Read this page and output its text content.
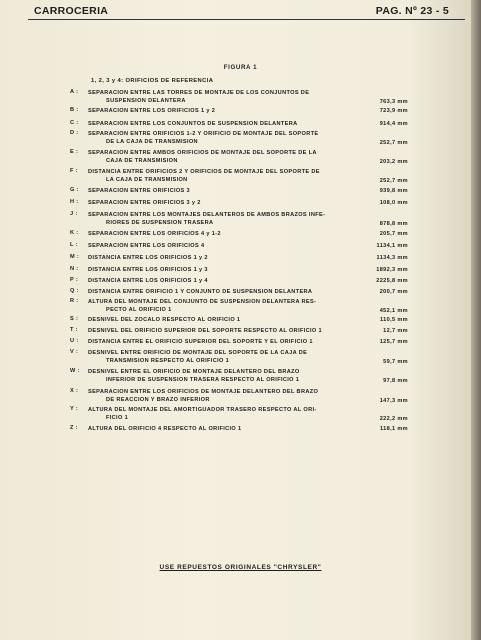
CARROCERIA	PAG. Nº 23 - 5
FIGURA 1
1, 2, 3 y 4: ORIFICIOS DE REFERENCIA
A :	SEPARACION ENTRE LAS TORRES DE MONTAJE DE LOS CONJUNTOS DE
SUSPENSION DELANTERA	763,3 mm
B :	SEPARACION ENTRE LOS ORIFICIOS 1 y 2	723,9 mm
C :	SEPARACION ENTRE LOS CONJUNTOS DE SUSPENSION DELANTERA	914,4 mm
D :	SEPARACION ENTRE ORIFICIOS 1-2 Y ORIFICIO DE MONTAJE DEL SOPORTE
DE LA CAJA DE TRANSMISION	252,7 mm
E :	SEPARACION ENTRE AMBOS ORIFICIOS DE MONTAJE DEL SOPORTE DE LA
CAJA DE TRANSMISION	203,2 mm
F :	DISTANCIA ENTRE ORIFICIOS 2 Y ORIFICIOS DE MONTAJE DEL SOPORTE DE
LA CAJA DE TRANSMISION	252,7 mm
G :	SEPARACION ENTRE ORIFICIOS 3	939,8 mm
H :	SEPARACION ENTRE ORIFICIOS 3 y 2	108,0 mm
J :	SEPARACION ENTRE LOS MONTAJES DELANTEROS DE AMBOS BRAZOS INFE-
RIORES DE SUSPENSION TRASERA	878,8 mm
K :	SEPARACION ENTRE LOS ORIFICIOS 4 y 1-2	205,7 mm
L :	SEPARACION ENTRE LOS ORIFICIOS 4	1134,1 mm
M :	DISTANCIA ENTRE LOS ORIFICIOS 1 y 2	1134,3 mm
N :	DISTANCIA ENTRE LOS ORIFICIOS 1 y 3	1892,3 mm
P :	DISTANCIA ENTRE LOS ORIFICIOS 1 y 4	2225,8 mm
Q :	DISTANCIA ENTRE ORIFICIO 1 Y CONJUNTO DE SUSPENSION DELANTERA	200,7 mm
R :	ALTURA DEL MONTAJE DEL CONJUNTO DE SUSPENSION DELANTERA RES-
PECTO AL ORIFICIO 1	452,1 mm
S :	DESNIVEL DEL ZOCALO RESPECTO AL ORIFICIO 1	110,5 mm
T :	DESNIVEL DEL ORIFICIO SUPERIOR DEL SOPORTE RESPECTO AL ORIFICIO 1	12,7 mm
U :	DISTANCIA ENTRE EL ORIFICIO SUPERIOR DEL SOPORTE Y EL ORIFICIO 1	125,7 mm
V :	DESNIVEL ENTRE ORIFICIO DE MONTAJE DEL SOPORTE DE LA CAJA DE
TRANSMISION RESPECTO AL ORIFICIO 1	59,7 mm
W :	DESNIVEL ENTRE EL ORIFICIO DE MONTAJE DELANTERO DEL BRAZO
INFERIOR DE SUSPENSION TRASERA RESPECTO AL ORIFICIO 1	97,8 mm
X :	SEPARACION ENTRE LOS ORIFICIOS DE MONTAJE DELANTERO DEL BRAZO
DE REACCION Y BRAZO INFERIOR	147,3 mm
Y :	ALTURA DEL MONTAJE DEL AMORTIGUADOR TRASERO RESPECTO AL ORI-
FICIO 1	222,2 mm
Z :	ALTURA DEL ORIFICIO 4 RESPECTO AL ORIFICIO 1	118,1 mm
USE REPUESTOS ORIGINALES "CHRYSLER"
